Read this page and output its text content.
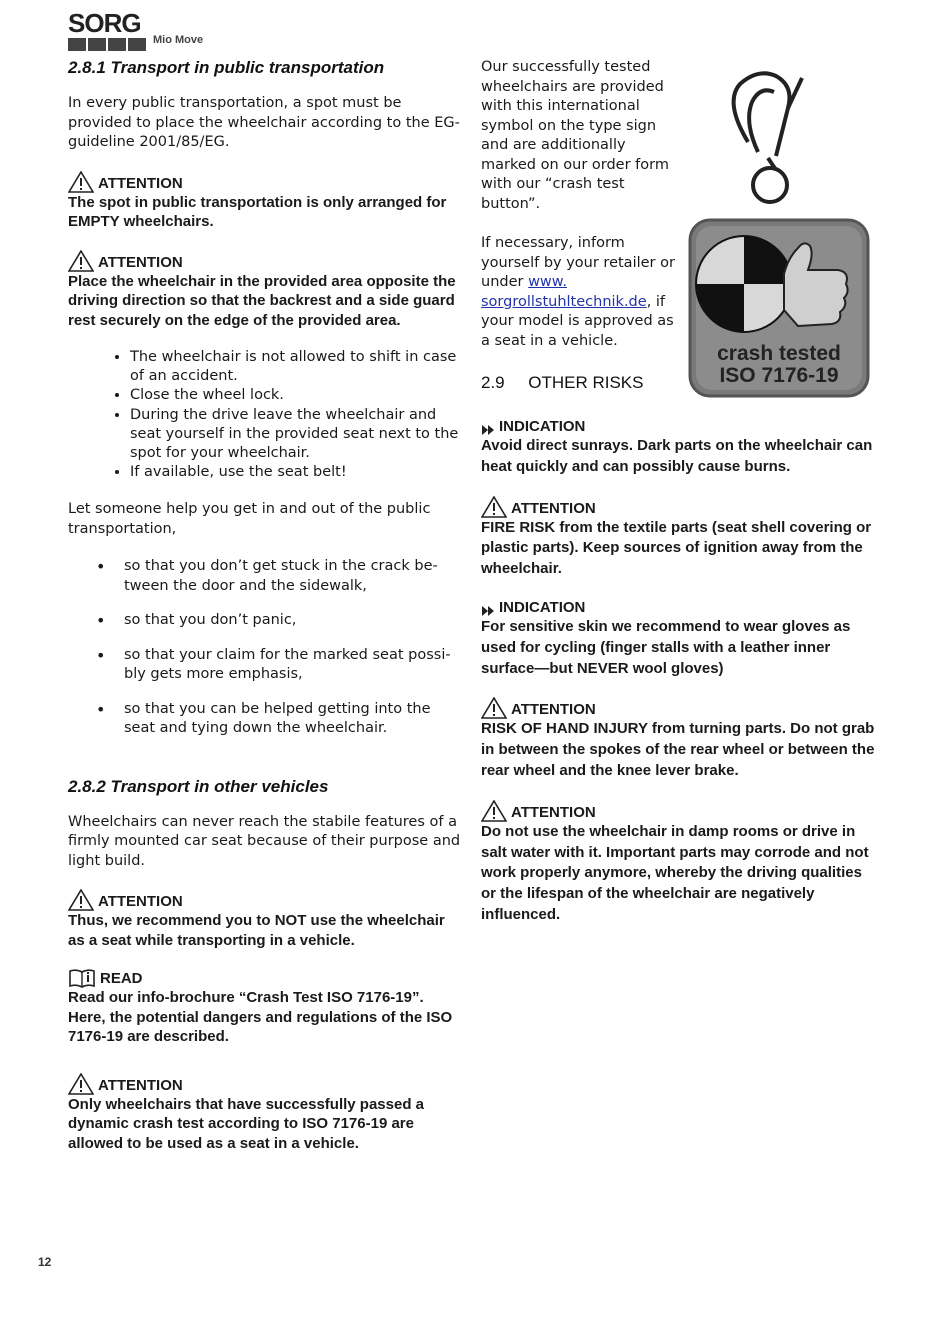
SORG
Mio Move
2.8.1 Transport in public transportation

In every public transportation, a spot must be provided to place the wheelchair according to the EG-guideline 2001/85/EG.

ATTENTION
The spot in public transportation is only arranged for EMPTY wheelchairs.
ATTENTION
Place the wheelchair in the provided area opposite the driving direction so that the backrest and a side guard rest securely on the edge of the provided area.
• The wheelchair is not allowed to shift in case of an accident.
• Close the wheel lock.
• During the drive leave the wheelchair and seat yourself in the provided seat next to the spot for your wheelchair.
• If available, use the seat belt!

Let someone help you get in and out of the public transportation,

• so that you don’t get stuck in the crack be-tween the door and the sidewalk,
• so that you don’t panic,
• so that your claim for the marked seat possi-bly gets more emphasis,
• so that you can be helped getting into the seat and tying down the wheelchair.
2.8.2 Transport in other vehicles

Wheelchairs can never reach the stabile features of a firmly mounted car seat because of their purpose and light build.

ATTENTION
Thus, we recommend you to NOT use the wheelchair as a seat while transporting in a vehicle.
READ
Read our info-brochure “Crash Test ISO 7176-19”. Here, the potential dangers and regulations of the ISO 7176-19 are described.
ATTENTION
Only wheelchairs that have successfully passed a dynamic crash test according to ISO 7176-19 are allowed to be used as a seat in a vehicle.
crash tested
ISO 7176-19

Our successfully tested wheelchairs are provided with this international symbol on the type sign and are additionally marked on our order form with our “crash test button”.

If necessary, inform yourself by your retailer or under www. sorgrollstuhltechnik.de, if your model is approved as a seat in a vehicle.

2.9     OTHER RISKS
INDICATION
Avoid direct sunrays. Dark parts on the wheelchair can heat quickly and can possibly cause burns.
ATTENTION
FIRE RISK from the textile parts (seat shell covering or plastic parts). Keep sources of ignition away from the wheelchair.
INDICATION
For sensitive skin we recommend to wear gloves as used for cycling (finger stalls with a leather inner surface—but NEVER wool gloves)
ATTENTION
RISK OF HAND INJURY from turning parts. Do not grab in between the spokes of the rear wheel or between the rear wheel and the knee lever brake.
ATTENTION
Do not use the wheelchair in damp rooms or drive in salt water with it. Important parts may corrode and not work properly anymore, whereby the driving qualities or the lifespan of the wheelchair are negatively influenced.
12
